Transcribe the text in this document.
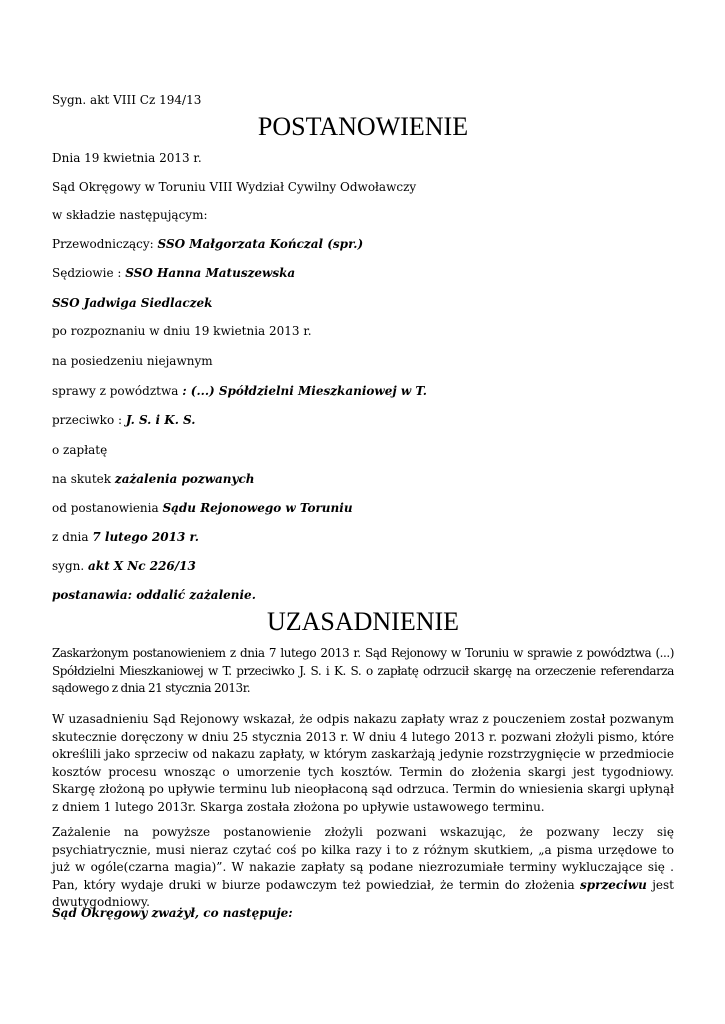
Sygn. akt VIII Cz 194/13
POSTANOWIENIE
Dnia 19 kwietnia 2013 r.
Sąd Okręgowy w Toruniu VIII Wydział Cywilny Odwoławczy
w składzie następującym:
Przewodniczący: SSO Małgorzata Kończal (spr.)
Sędziowie : SSO Hanna Matuszewska
SSO Jadwiga Siedlaczek
po rozpoznaniu w dniu 19 kwietnia 2013 r.
na posiedzeniu niejawnym
sprawy z powództwa : (...) Spółdzielni Mieszkaniowej w T.
przeciwko : J. S. i K. S.
o zapłatę
na skutek zażalenia pozwanych
od postanowienia Sądu Rejonowego w Toruniu
z dnia 7 lutego 2013 r.
sygn. akt X Nc 226/13
postanawia: oddalić zażalenie.
UZASADNIENIE
Zaskarżonym postanowieniem z dnia 7 lutego 2013 r. Sąd Rejonowy w Toruniu w sprawie z powództwa (...) Spółdzielni Mieszkaniowej w T. przeciwko J. S. i K. S. o zapłatę odrzucił skargę na orzeczenie referendarza sądowego z dnia 21 stycznia 2013r.
W uzasadnieniu Sąd Rejonowy wskazał, że odpis nakazu zapłaty wraz z pouczeniem został pozwanym skutecznie doręczony w dniu 25 stycznia 2013 r. W dniu 4 lutego 2013 r. pozwani złożyli pismo, które określili jako sprzeciw od nakazu zapłaty, w którym zaskarżają jedynie rozstrzygnięcie w przedmiocie kosztów procesu wnosząc o umorzenie tych kosztów. Termin do złożenia skargi jest tygodniowy. Skargę złożoną po upływie terminu lub nieopłaconą sąd odrzuca. Termin do wniesienia skargi upłynął z dniem 1 lutego 2013r. Skarga została złożona po upływie ustawowego terminu.
Zażalenie na powyższe postanowienie złożyli pozwani wskazując, że pozwany leczy się psychiatrycznie, musi nieraz czytać coś po kilka razy i to z różnym skutkiem, „a pisma urzędowe to już w ogóle(czarna magia)”. W nakazie zapłaty są podane niezrozumiałe terminy wykluczające się . Pan, który wydaje druki w biurze podawczym też powiedział, że termin do złożenia sprzeciwu jest dwutygodniowy.
Sąd Okręgowy zważył, co następuje:
